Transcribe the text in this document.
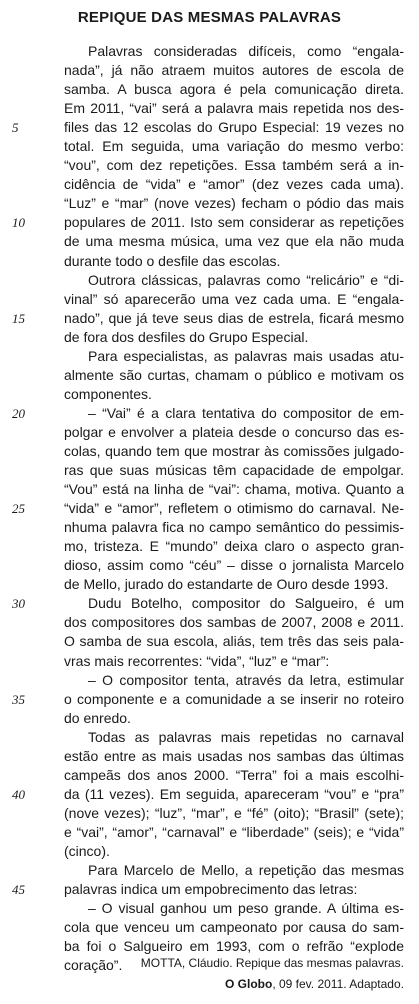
REPIQUE DAS MESMAS PALAVRAS
Palavras consideradas difíceis, como “engala-
nada”, já não atraem muitos autores de escola de
samba. A busca agora é pela comunicação direta.
Em 2011, “vai” será a palavra mais repetida nos des-
files das 12 escolas do Grupo Especial: 19 vezes no
total. Em seguida, uma variação do mesmo verbo:
“vou”, com dez repetições. Essa também será a in-
cidência de “vida” e “amor” (dez vezes cada uma).
“Luz” e “mar” (nove vezes) fecham o pódio das mais
populares de 2011. Isto sem considerar as repetições
de uma mesma música, uma vez que ela não muda
durante todo o desfile das escolas.
Outrora clássicas, palavras como “relicário” e “di-
vinal” só aparecerão uma vez cada uma. E “engala-
nado”, que já teve seus dias de estrela, ficará mesmo
de fora dos desfiles do Grupo Especial.
Para especialistas, as palavras mais usadas atu-
almente são curtas, chamam o público e motivam os
componentes.
– “Vai” é a clara tentativa do compositor de em-
polgar e envolver a plateia desde o concurso das es-
colas, quando tem que mostrar às comissões julgado-
ras que suas músicas têm capacidade de empolgar.
“Vou” está na linha de “vai”: chama, motiva. Quanto a
“vida” e “amor”, refletem o otimismo do carnaval. Ne-
nhuma palavra fica no campo semântico do pessimis-
mo, tristeza. E “mundo” deixa claro o aspecto gran-
dioso, assim como “céu” – disse o jornalista Marcelo
de Mello, jurado do estandarte de Ouro desde 1993.
Dudu Botelho, compositor do Salgueiro, é um
dos compositores dos sambas de 2007, 2008 e 2011.
O samba de sua escola, aliás, tem três das seis pala-
vras mais recorrentes: “vida”, “luz” e “mar”:
– O compositor tenta, através da letra, estimular
o componente e a comunidade a se inserir no roteiro
do enredo.
Todas as palavras mais repetidas no carnaval
estão entre as mais usadas nos sambas das últimas
campeãs dos anos 2000. “Terra” foi a mais escolhi-
da (11 vezes). Em seguida, apareceram “vou” e “pra”
(nove vezes); “luz”, “mar”, e “fé” (oito); “Brasil” (sete);
e “vai”, “amor”, “carnaval” e “liberdade” (seis); e “vida”
(cinco).
Para Marcelo de Mello, a repetição das mesmas
palavras indica um empobrecimento das letras:
– O visual ganhou um peso grande. A última es-
cola que venceu um campeonato por causa do sam-
ba foi o Salgueiro em 1993, com o refrão “explode
coração”.
5
10
15
20
25
30
35
40
45
MOTTA, Cláudio. Repique das mesmas palavras.
O Globo, 09 fev. 2011. Adaptado.
